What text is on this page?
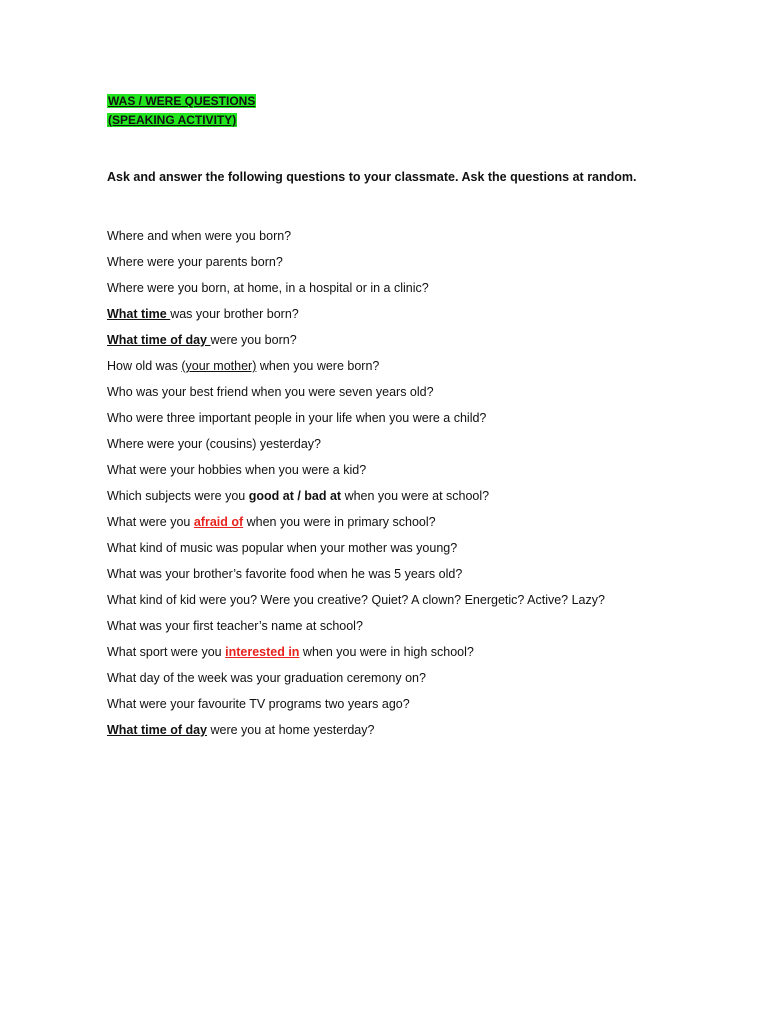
WAS / WERE QUESTIONS
(SPEAKING ACTIVITY)
Ask and answer the following questions to your classmate. Ask the questions at random.
Where and when were you born?
Where were your parents born?
Where were you born, at home, in a hospital or in a clinic?
What time was your brother born?
What time of day were you born?
How old was (your mother) when you were born?
Who was your best friend when you were seven years old?
Who were three important people in your life when you were a child?
Where were your (cousins) yesterday?
What were your hobbies when you were a kid?
Which subjects were you good at / bad at when you were at school?
What were you afraid of when you were in primary school?
What kind of music was popular when your mother was young?
What was your brother’s favorite food when he was 5 years old?
What kind of kid were you? Were you creative? Quiet? A clown? Energetic? Active? Lazy?
What was your first teacher’s name at school?
What sport were you interested in when you were in high school?
What day of the week was your graduation ceremony on?
What were your favourite TV programs two years ago?
What time of day were you at home yesterday?
